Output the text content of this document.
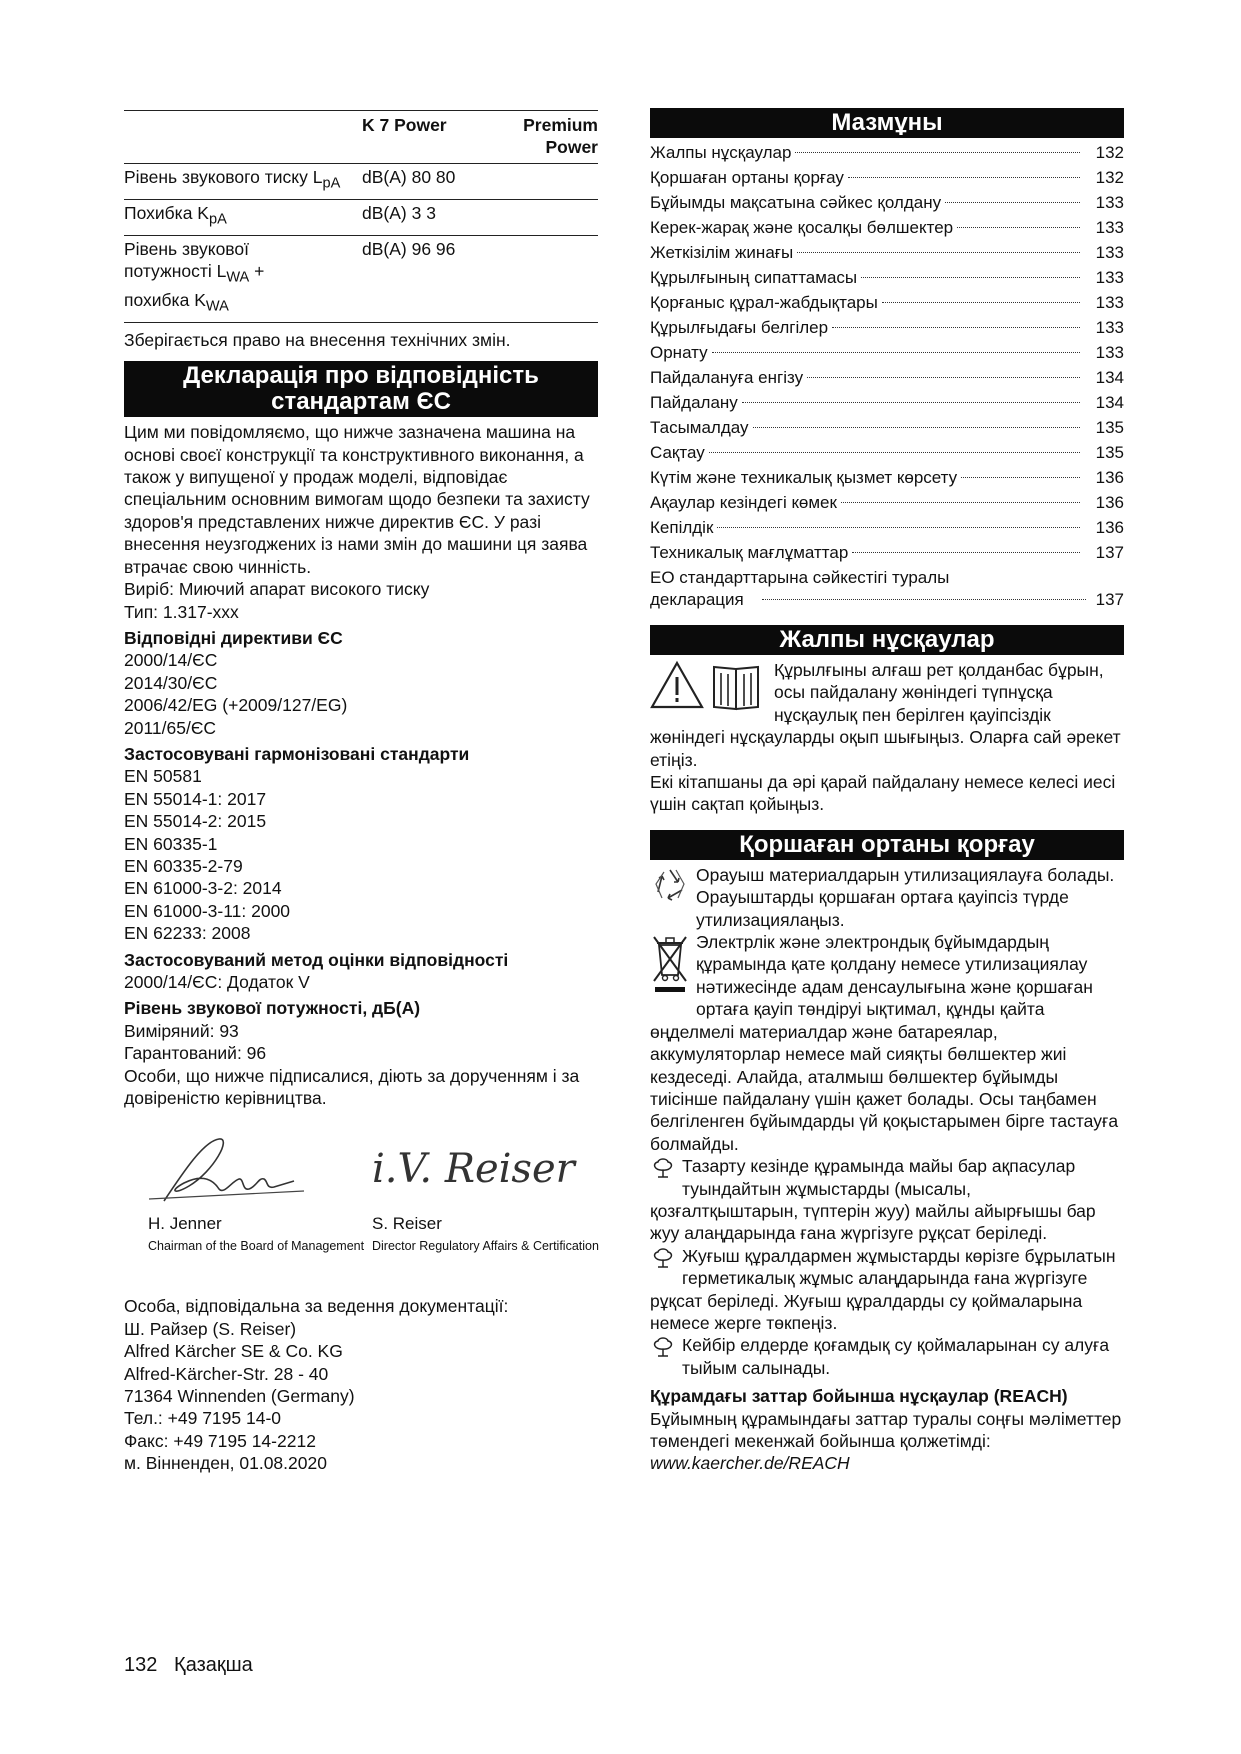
	K 7 Power	Premium Power
Рівень звукового тиску $L_{pA}$	dB(A) 80 80	
Похибка $K_{pA}$	dB(A) 3 3	
Рівень звукової потужності $L_{WA}$ + похибка $K_{WA}$	dB(A) 96 96	

Зберігається право на внесення технічних змін.

Декларація про відповідність стандартам ЄС

Цим ми повідомляємо, що нижче зазначена машина на основі своєї конструкції та конструктивного виконання, а також у випущеної у продаж моделі, відповідає спеціальним основним вимогам щодо безпеки та захисту здоров'я представлених нижче директив ЄС. У разі внесення неузгоджених із нами змін до машини ця заява втрачає свою чинність.

Виріб: Миючий апарат високого тиску

Тип: 1.317-xxx

Відповідні директиви ЄС

2000/14/ЄС

2014/30/ЄС

2006/42/EG (+2009/127/EG)

2011/65/ЄС

Застосовувані гармонізовані стандарти

EN 50581

EN 55014-1: 2017

EN 55014-2: 2015

EN 60335-1

EN 60335-2-79

EN 61000-3-2: 2014

EN 61000-3-11: 2000

EN 62233: 2008

Застосовуваний метод оцінки відповідності

2000/14/ЄС: Додаток V

Рівень звукової потужності, дБ(A)

Виміряний: 93

Гарантований: 96

Особи, що нижче підписалися, діють за дорученням і за довіреністю керівництва.

H. Jenner
Chairman of the Board of Management
i.V. Reiser
S. Reiser
Director Regulatory Affairs & Certification

Особа, відповідальна за ведення документації:

Ш. Райзер (S. Reiser)

Alfred Kärcher SE & Co. KG

Alfred-Kärcher-Str. 28 - 40

71364 Winnenden (Germany)

Тел.: +49 7195 14-0

Факс: +49 7195 14-2212

м. Вінненден, 01.08.2020

Мазмұны
Жалпы нұсқаулар	132
Қоршаған ортаны қорғау	132
Бұйымды мақсатына сәйкес қолдану	133
Керек-жарақ және қосалқы бөлшектер	133
Жеткізілім жинағы	133
Құрылғының сипаттамасы	133
Қорғаныс құрал-жабдықтары	133
Құрылғыдағы белгілер	133
Орнату	133
Пайдалануға енгізу	134
Пайдалану	134
Тасымалдау	135
Сақтау	135
Күтім және техникалық қызмет көрсету	136
Ақаулар кезіндегі көмек	136
Кепілдік	136
Техникалық мағлұматтар	137
ЕО стандарттарына сәйкестігі туралы
декларация	137
Жалпы нұсқаулар

Құрылғыны алғаш рет қолданбас бұрын, осы пайдалану жөніндегі түпнұсқа нұсқаулық пен берілген қауіпсіздік жөніндегі нұсқауларды оқып шығыңыз. Оларға сай әрекет етіңіз.

Екі кітапшаны да әрі қарай пайдалану немесе келесі иесі үшін сақтап қойыңыз.

Қоршаған ортаны қорғау

Орауыш материалдарын утилизациялауға болады. Орауыштарды қоршаған ортаға қауіпсіз түрде утилизациялаңыз.

Электрлік және электрондық бұйымдардың құрамында қате қолдану немесе утилизациялау нәтижесінде адам денсаулығына және қоршаған ортаға қауіп төндіруі ықтимал, құнды қайта өңделмелі материалдар және батареялар, аккумуляторлар немесе май сияқты бөлшектер жиі кездеседі. Алайда, аталмыш бөлшектер бұйымды тиісінше пайдалану үшін қажет болады. Осы таңбамен белгіленген бұйымдарды үй қоқыстарымен бірге тастауға болмайды.

Тазарту кезінде құрамында майы бар ақпасулар туындайтын жұмыстарды (мысалы, қозғалтқыштарын, түптерін жуу) майлы айырғышы бар жуу алаңдарында ғана жүргізуге рұқсат беріледі.

Жуғыш құралдармен жұмыстарды көрізге бұрылатын герметикалық жұмыс алаңдарында ғана жүргізуге рұқсат беріледі. Жуғыш құралдарды су қоймаларына немесе жерге төкпеңіз.

Кейбір елдерде қоғамдық су қоймаларынан су алуға тыйым салынады.

Құрамдағы заттар бойынша нұсқаулар (REACH)

Бұйымның құрамындағы заттар туралы соңғы мәліметтер төмендегі мекенжай бойынша қолжетімді: www.kaercher.de/REACH

132 Қазақша
